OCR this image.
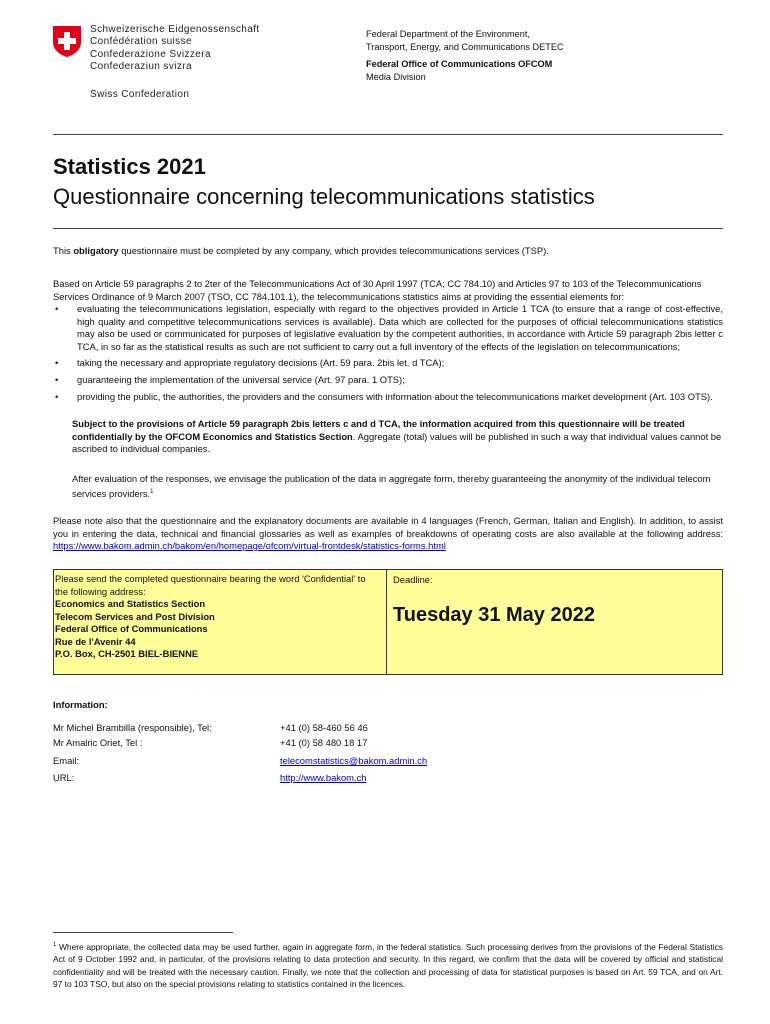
Schweizerische Eidgenossenschaft
Confédération suisse
Confederazione Svizzera
Confederaziun svizra
Swiss Confederation
Federal Department of the Environment,
Transport, Energy, and Communications DETEC
Federal Office of Communications OFCOM
Media Division
Statistics 2021
Questionnaire concerning telecommunications statistics
This obligatory questionnaire must be completed by any company, which provides telecommunications services (TSP).
Based on Article 59 paragraphs 2 to 2ter of the Telecommunications Act of 30 April 1997 (TCA; CC 784.10) and Articles 97 to 103 of the Telecommunications Services Ordinance of 9 March 2007 (TSO, CC 784.101.1), the telecommunications statistics aims at providing the essential elements for:
• evaluating the telecommunications legislation, especially with regard to the objectives provided in Article 1 TCA (to ensure that a range of cost-effective, high quality and competitive telecommunications services is available). Data which are collected for the purposes of official telecommunications statistics may also be used or communicated for purposes of legislative evaluation by the competent authorities, in accordance with Article 59 paragraph 2bis letter c TCA, in so far as the statistical results as such are not sufficient to carry out a full inventory of the effects of the legislation on telecommunications;
• taking the necessary and appropriate regulatory decisions (Art. 59 para. 2bis let. d TCA);
• guaranteeing the implementation of the universal service (Art. 97 para. 1 OTS);
• providing the public, the authorities, the providers and the consumers with information about the telecommunications market development (Art. 103 OTS).
Subject to the provisions of Article 59 paragraph 2bis letters c and d TCA, the information acquired from this questionnaire will be treated confidentially by the OFCOM Economics and Statistics Section. Aggregate (total) values will be published in such a way that individual values cannot be ascribed to individual companies.
After evaluation of the responses, we envisage the publication of the data in aggregate form, thereby guaranteeing the anonymity of the individual telecom services providers.$^1$
Please note also that the questionnaire and the explanatory documents are available in 4 languages (French, German, Italian and English). In addition, to assist you in entering the data, technical and financial glossaries as well as examples of breakdowns of operating costs are also available at the following address: https://www.bakom.admin.ch/bakom/en/homepage/ofcom/virtual-frontdesk/statistics-forms.html
Please send the completed questionnaire bearing the word 'Confidential' to the following address:
Economics and Statistics Section
Telecom Services and Post Division
Federal Office of Communications
Rue de l'Avenir 44
P.O. Box, CH-2501 BIEL-BIENNE
Deadline:
Tuesday 31 May 2022
Information:
Mr Michel Brambilla (responsible), Tel:	+41 (0) 58-460 56 46
Mr Amalric Oriet, Tel :	+41 (0) 58 480 18 17
Email:	telecomstatistics@bakom.admin.ch
URL:	http://www.bakom.ch
$^1$ Where appropriate, the collected data may be used further, again in aggregate form, in the federal statistics. Such processing derives from the provisions of the Federal Statistics Act of 9 October 1992 and, in particular, of the provisions relating to data protection and security. In this regard, we confirm that the data will be covered by official and statistical confidentiality and will be treated with the necessary caution. Finally, we note that the collection and processing of data for statistical purposes is based on Art. 59 TCA, and on Art. 97 to 103 TSO, but also on the special provisions relating to statistics contained in the licences.
